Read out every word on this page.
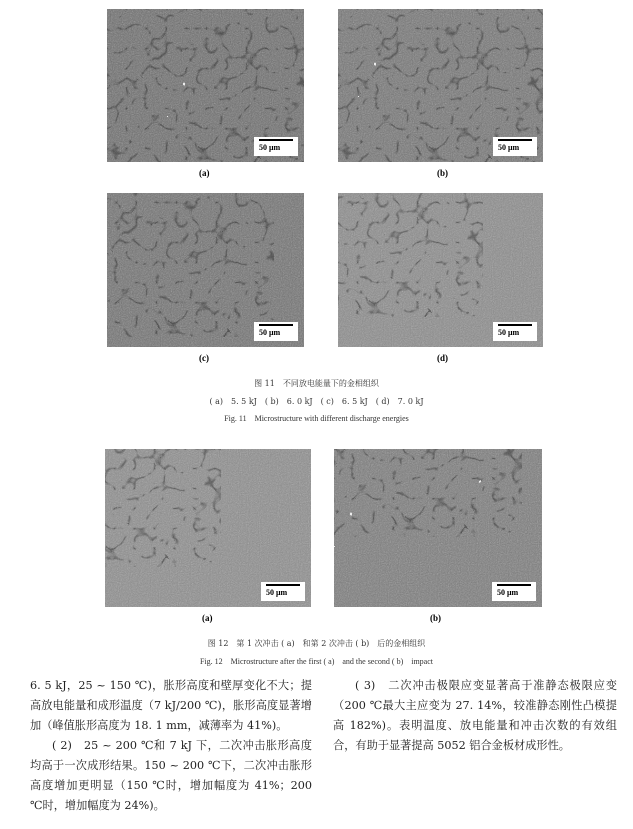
50 μm	50 μm
(a)	(b)
50 μm	50 μm
(c)	(d)
图 11　不同放电能量下的金相组织
( a)　5. 5 kJ　( b)　6. 0 kJ　( c)　6. 5 kJ　( d)　7. 0 kJ
Fig. 11　Microstructure with different discharge energies
50 μm	50 μm
(a)	(b)
图 12　第 1 次冲击 ( a)　和第 2 次冲击 ( b)　后的金相组织
Fig. 12　Microstructure after the first ( a)　and the second ( b)　impact

6. 5 kJ，25 ~ 150 ℃)，胀形高度和壁厚变化不大；提高放电能量和成形温度（7 kJ/200 ℃)，胀形高度显著增加（峰值胀形高度为 18. 1 mm，减薄率为 41%)。

( 2)　25 ~ 200 ℃和 7 kJ 下，二次冲击胀形高度均高于一次成形结果。150 ~ 200 ℃下，二次冲击胀形高度增加更明显（150 ℃时，增加幅度为 41%；200 ℃时，增加幅度为 24%)。

( 3)　二次冲击极限应变显著高于准静态极限应变（200 ℃最大主应变为 27. 14%，较准静态刚性凸模提高 182%)。表明温度、放电能量和冲击次数的有效组合，有助于显著提高 5052 铝合金板材成形性。
